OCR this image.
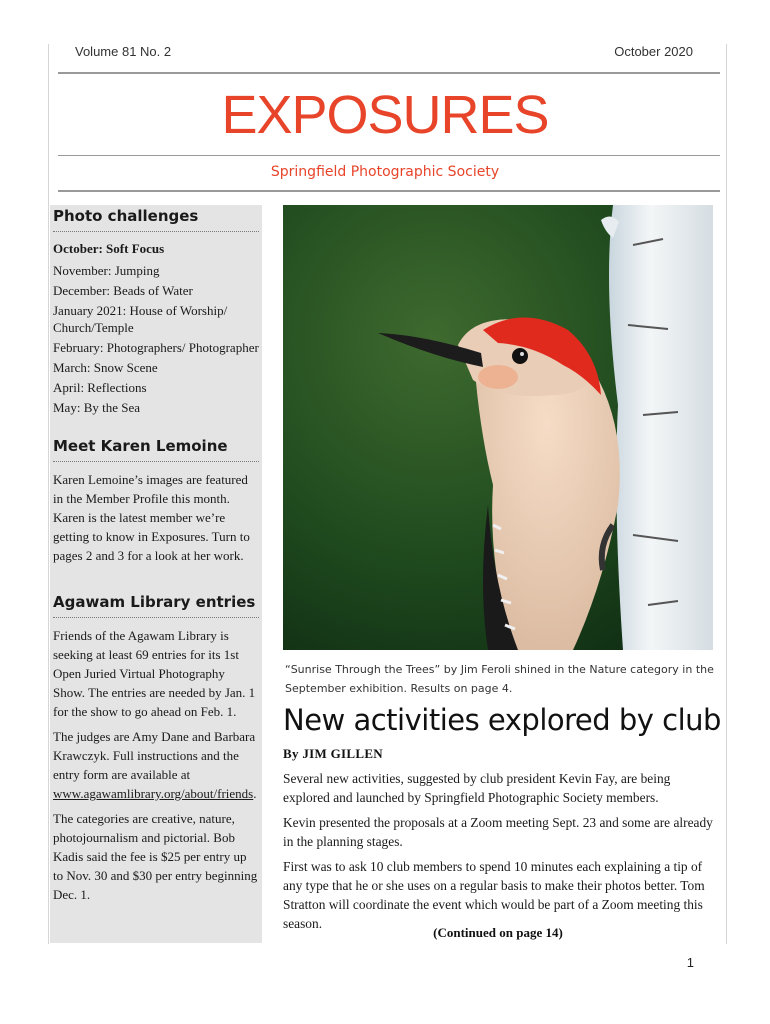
Volume 81 No. 2	October 2020
EXPOSURES
Springfield Photographic Society
Photo challenges

October: Soft Focus

November: Jumping

December: Beads of Water

January 2021: House of Worship/ Church/Temple

February: Photographers/ Photographer

March: Snow Scene

April: Reflections

May: By the Sea

Meet Karen Lemoine

Karen Lemoine’s images are featured in the Member Profile this month. Karen is the latest member we’re getting to know in Exposures. Turn to pages 2 and 3 for a look at her work.

Agawam Library entries

Friends of the Agawam Library is seeking at least 69 entries for its 1st Open Juried Virtual Photography Show. The entries are needed by Jan. 1 for the show to go ahead on Feb. 1.

The judges are Amy Dane and Barbara Krawczyk. Full instructions and the entry form are available at www.agawamlibrary.org/about/friends.

The categories are creative, nature, photojournalism and pictorial. Bob Kadis said the fee is $25 per entry up to Nov. 30 and $30 per entry beginning Dec. 1.

“Sunrise Through the Trees” by Jim Feroli shined in the Nature category in the September exhibition. Results on page 4.
New activities explored by club
By JIM GILLEN

Several new activities, suggested by club president Kevin Fay, are being explored and launched by Springfield Photographic Society members.

Kevin presented the proposals at a Zoom meeting Sept. 23 and some are already in the planning stages.

First was to ask 10 club members to spend 10 minutes each explaining a tip of any type that he or she uses on a regular basis to make their photos better. Tom Stratton will coordinate the event which would be part of a Zoom meeting this season.

(Continued on page 14)
1
